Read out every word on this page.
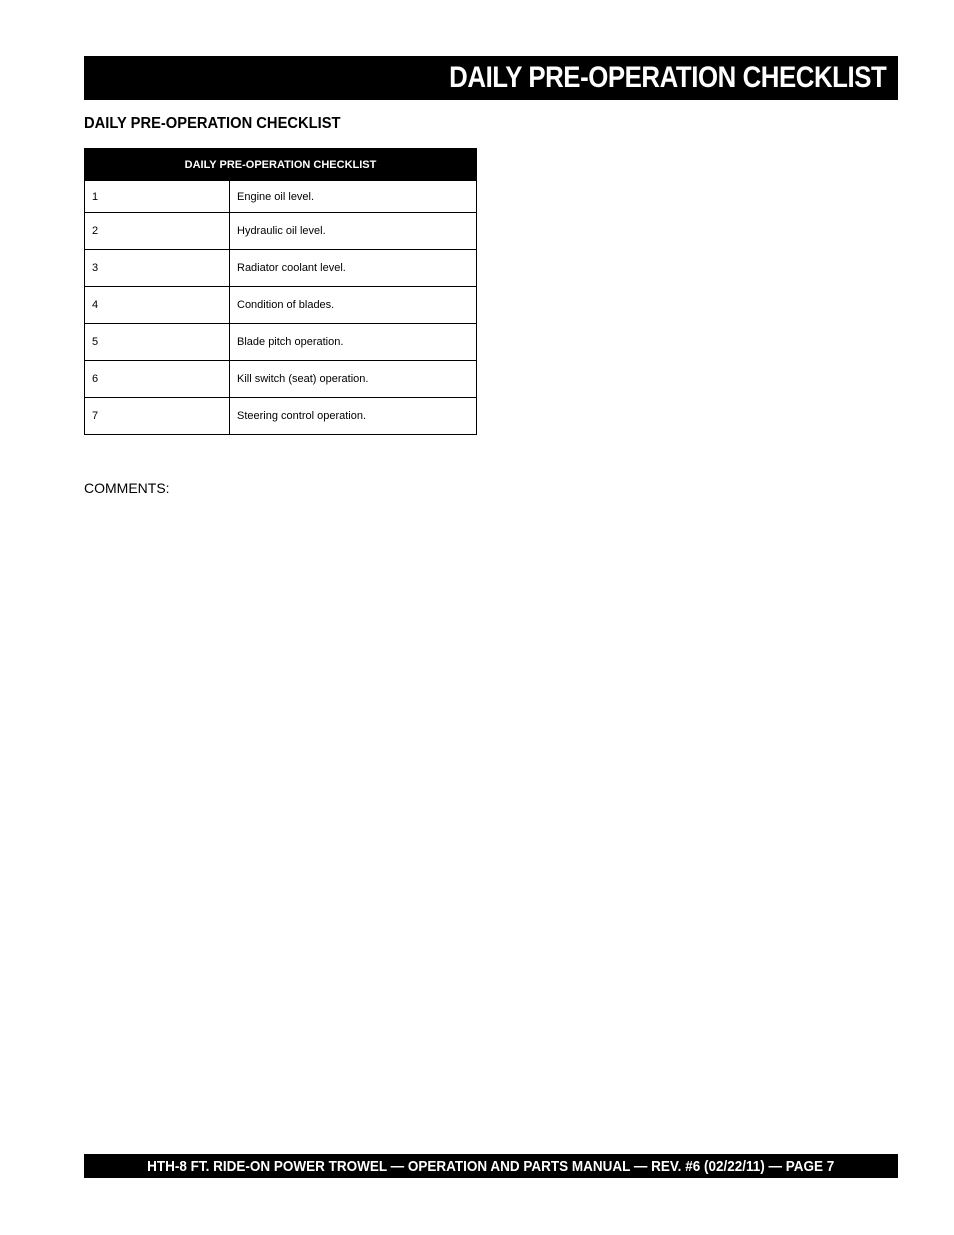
DAILY PRE-OPERATION CHECKLIST
DAILY PRE-OPERATION CHECKLIST
DAILY PRE-OPERATION CHECKLIST	
1	Engine oil level.
2	Hydraulic oil level.
3	Radiator coolant level.
4	Condition of blades.
5	Blade pitch operation.
6	Kill switch (seat) operation.
7	Steering control operation.
COMMENTS:
HTH-8 FT. RIDE-ON POWER TROWEL — OPERATION AND PARTS MANUAL — REV. #6 (02/22/11) — PAGE 7
